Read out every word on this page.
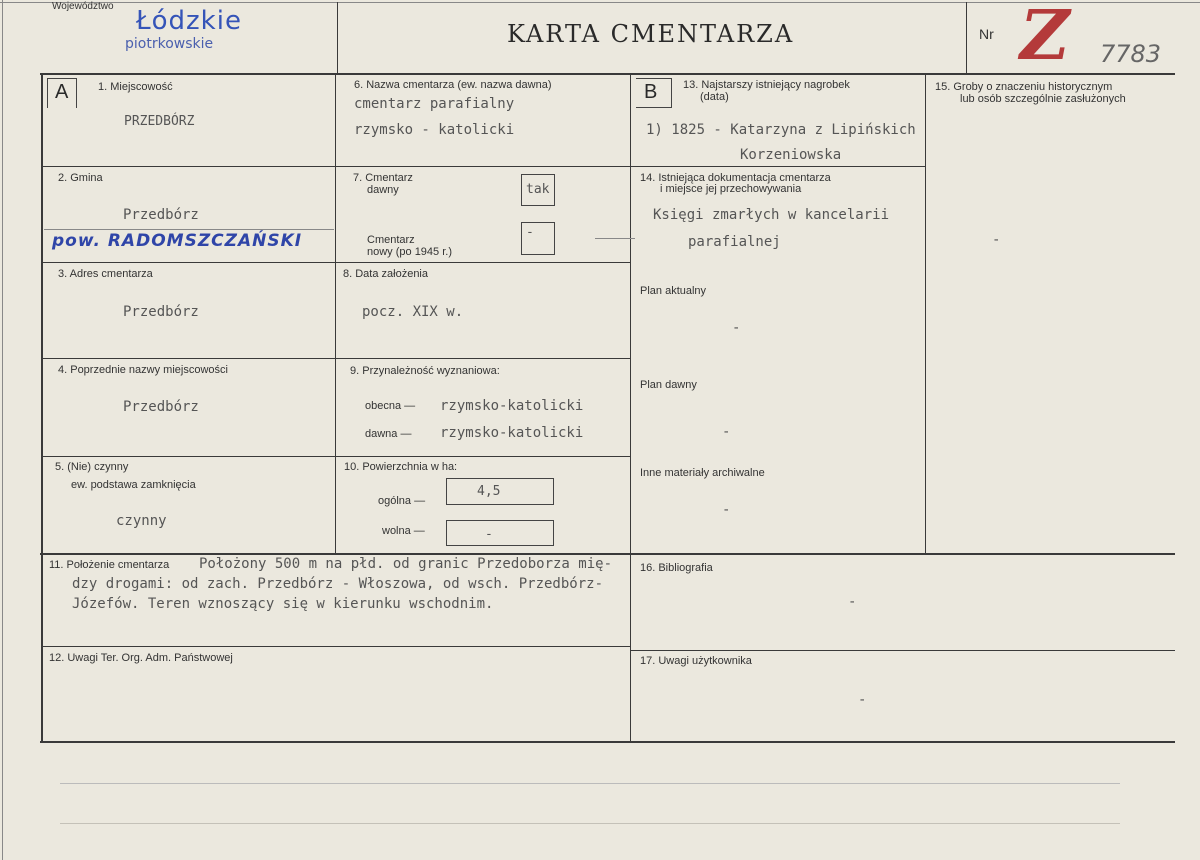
Województwo Łódzkie
piotrkowskie	KARTA CMENTARZA	Nr Z 7783
A	1. Miejscowość
PRZEDBÓRZ
2. Gmina
Przedbórz
pow. RADOMSZCZAŃSKI
3. Adres cmentarza
Przedbórz
4. Poprzednie nazwy miejscowości
Przedbórz
5. (Nie) czynny
ew. podstawa zamknięcia
czynny
6. Nazwa cmentarza (ew. nazwa dawna)
cmentarz parafialny
rzymsko - katolicki
7. Cmentarz
dawny	tak
Cmentarz
nowy (po 1945 r.)
-
8. Data założenia
pocz. XIX w.
9. Przynależność wyznaniowa:
obecna — rzymsko-katolicki
dawna — rzymsko-katolicki
10. Powierzchnia w ha:
ogólna —
4,5
wolna —	-
B 13. Najstarszy istniejący nagrobek
(data)
1) 1825 - Katarzyna z Lipińskich
Korzeniowska
14. Istniejąca dokumentacja cmentarza
i miejsce jej przechowywania
Księgi zmarłych w kancelarii
parafialnej
Plan aktualny
-
Plan dawny
-
Inne materiały archiwalne
-
15. Groby o znaczeniu historycznym
lub osób szczególnie zasłużonych
-
11. Położenie cmentarza Położony 500 m na płd. od granic Przedoborza mię-
dzy drogami: od zach. Przedbórz - Włoszowa, od wsch. Przedbórz-
Józefów. Teren wznoszący się w kierunku wschodnim.
12. Uwagi Ter. Org. Adm. Państwowej
16. Bibliografia
-
17. Uwagi użytkownika
-
